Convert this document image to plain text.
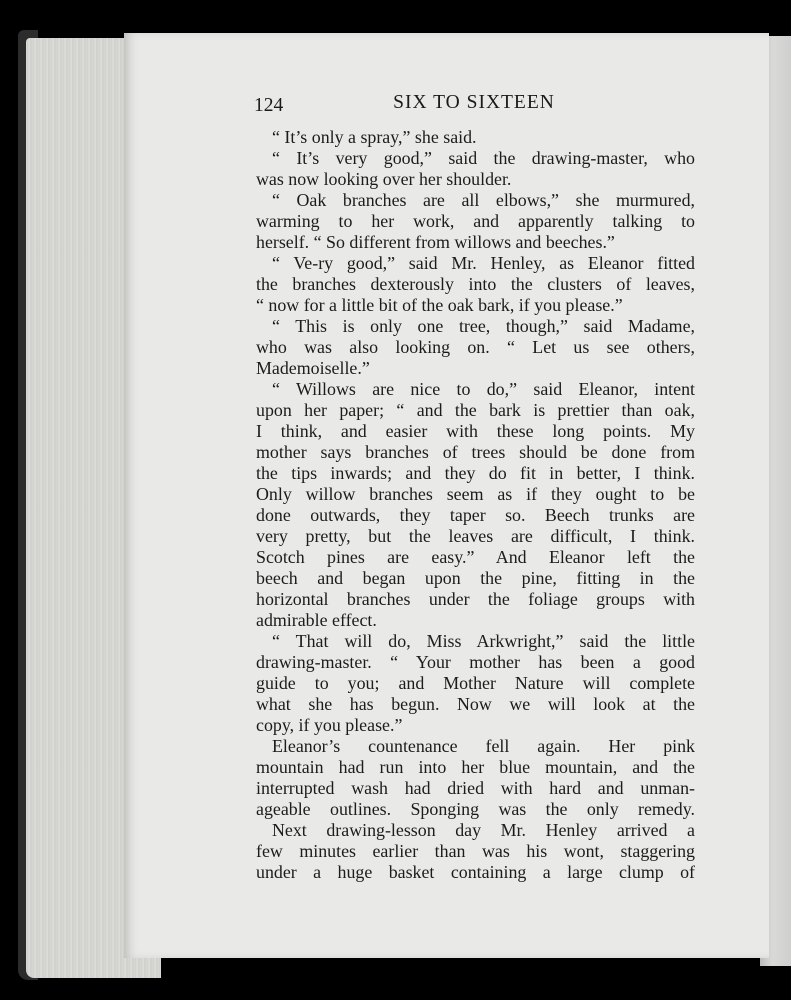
124	SIX TO SIXTEEN
“ It’s only a spray,” she said.
“ It’s very good,” said the drawing-master, who
was now looking over her shoulder.
“ Oak branches are all elbows,” she murmured,
warming to her work, and apparently talking to
herself. “ So different from willows and beeches.”
“ Ve-ry good,” said Mr. Henley, as Eleanor fitted
the branches dexterously into the clusters of leaves,
“ now for a little bit of the oak bark, if you please.”
“ This is only one tree, though,” said Madame,
who was also looking on. “ Let us see others,
Mademoiselle.”
“ Willows are nice to do,” said Eleanor, intent
upon her paper; “ and the bark is prettier than oak,
I think, and easier with these long points. My
mother says branches of trees should be done from
the tips inwards; and they do fit in better, I think.
Only willow branches seem as if they ought to be
done outwards, they taper so. Beech trunks are
very pretty, but the leaves are difficult, I think.
Scotch pines are easy.” And Eleanor left the
beech and began upon the pine, fitting in the
horizontal branches under the foliage groups with
admirable effect.
“ That will do, Miss Arkwright,” said the little
drawing-master. “ Your mother has been a good
guide to you; and Mother Nature will complete
what she has begun. Now we will look at the
copy, if you please.”
Eleanor’s countenance fell again. Her pink
mountain had run into her blue mountain, and the
interrupted wash had dried with hard and unman-
ageable outlines. Sponging was the only remedy.
Next drawing-lesson day Mr. Henley arrived a
few minutes earlier than was his wont, staggering
under a huge basket containing a large clump of
